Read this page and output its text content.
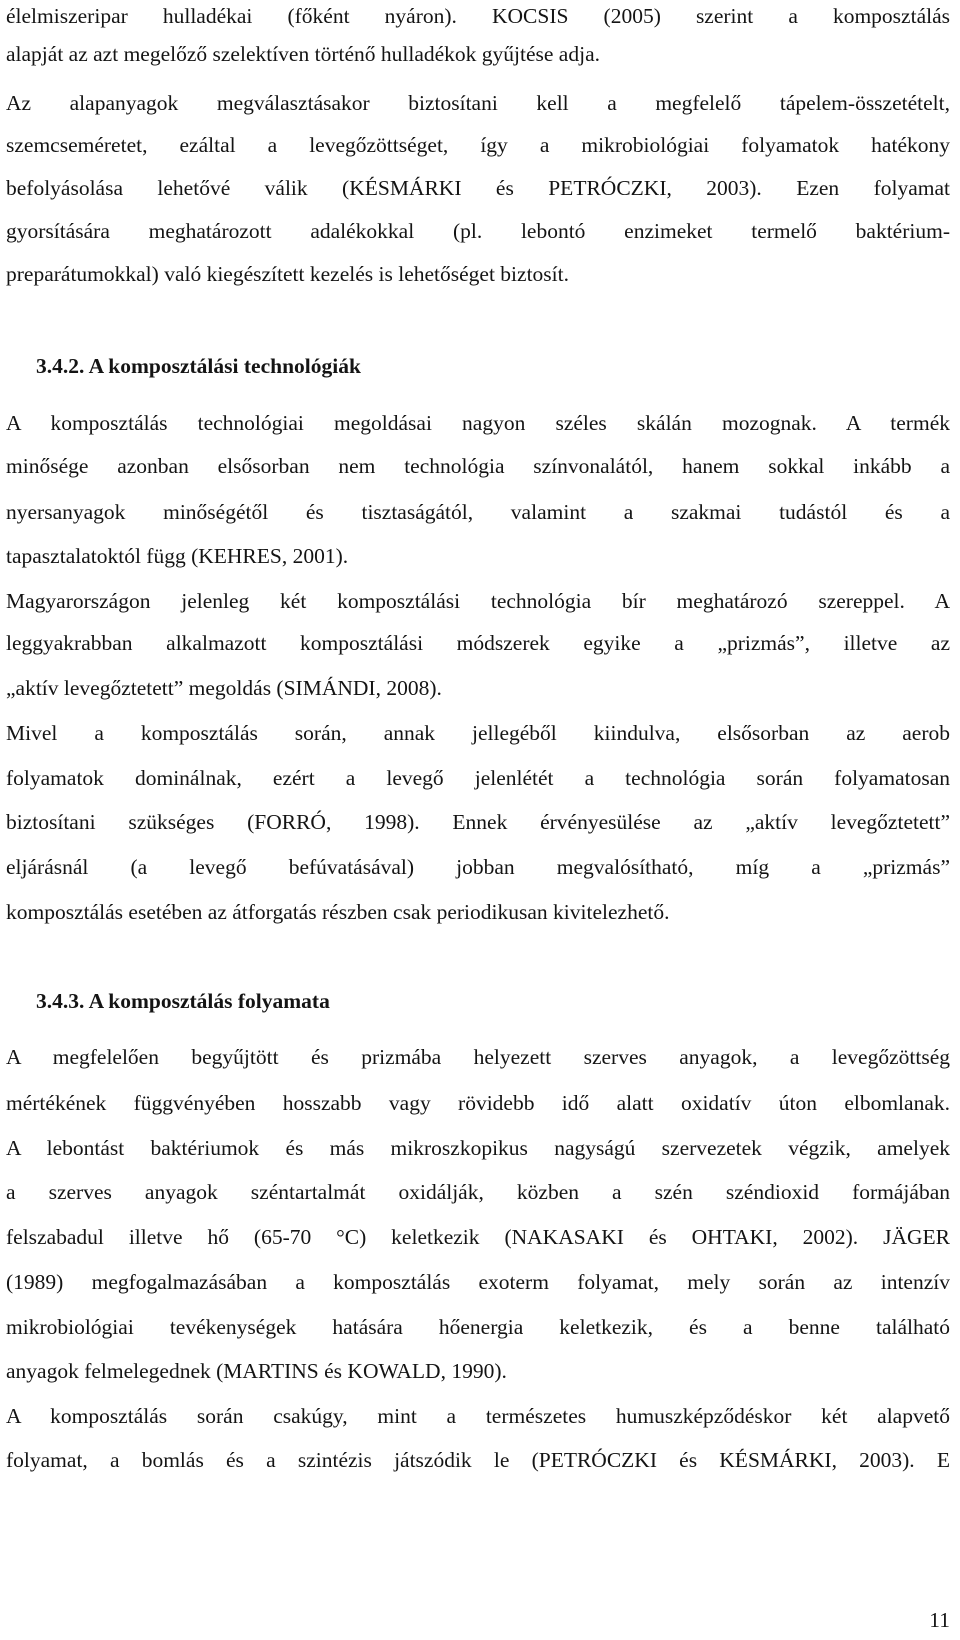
élelmiszeripar hulladékai (főként nyáron). KOCSIS (2005) szerint a komposztálás
alapját az azt megelőző szelektíven történő hulladékok gyűjtése adja.
Az alapanyagok megválasztásakor biztosítani kell a megfelelő tápelem-összetételt,
szemcseméretet, ezáltal a levegőzöttséget, így a mikrobiológiai folyamatok hatékony
befolyásolása lehetővé válik (KÉSMÁRKI és PETRÓCZKI, 2003). Ezen folyamat
gyorsítására meghatározott adalékokkal (pl. lebontó enzimeket termelő baktérium-
preparátumokkal) való kiegészített kezelés is lehetőséget biztosít.
3.4.2. A komposztálási technológiák
A komposztálás technológiai megoldásai nagyon széles skálán mozognak. A termék
minősége azonban elsősorban nem technológia színvonalától, hanem sokkal inkább a
nyersanyagok minőségétől és tisztaságától, valamint a szakmai tudástól és a
tapasztalatoktól függ (KEHRES, 2001).
Magyarországon jelenleg két komposztálási technológia bír meghatározó szereppel. A
leggyakrabban alkalmazott komposztálási módszerek egyike a „prizmás”, illetve az
„aktív levegőztetett” megoldás (SIMÁNDI, 2008).
Mivel a komposztálás során, annak jellegéből kiindulva, elsősorban az aerob
folyamatok dominálnak, ezért a levegő jelenlétét a technológia során folyamatosan
biztosítani szükséges (FORRÓ, 1998). Ennek érvényesülése az „aktív levegőztetett”
eljárásnál (a levegő befúvatásával) jobban megvalósítható, míg a „prizmás”
komposztálás esetében az átforgatás részben csak periodikusan kivitelezhető.
3.4.3. A komposztálás folyamata
A megfelelően begyűjtött és prizmába helyezett szerves anyagok, a levegőzöttség
mértékének függvényében hosszabb vagy rövidebb idő alatt oxidatív úton elbomlanak.
A lebontást baktériumok és más mikroszkopikus nagyságú szervezetek végzik, amelyek
a szerves anyagok széntartalmát oxidálják, közben a szén széndioxid formájában
felszabadul illetve hő (65-70 °C) keletkezik (NAKASAKI és OHTAKI, 2002). JÄGER
(1989) megfogalmazásában a komposztálás exoterm folyamat, mely során az intenzív
mikrobiológiai tevékenységek hatására hőenergia keletkezik, és a benne található
anyagok felmelegednek (MARTINS és KOWALD, 1990).
A komposztálás során csakúgy, mint a természetes humuszképződéskor két alapvető
folyamat, a bomlás és a szintézis játszódik le (PETRÓCZKI és KÉSMÁRKI, 2003). E
11
